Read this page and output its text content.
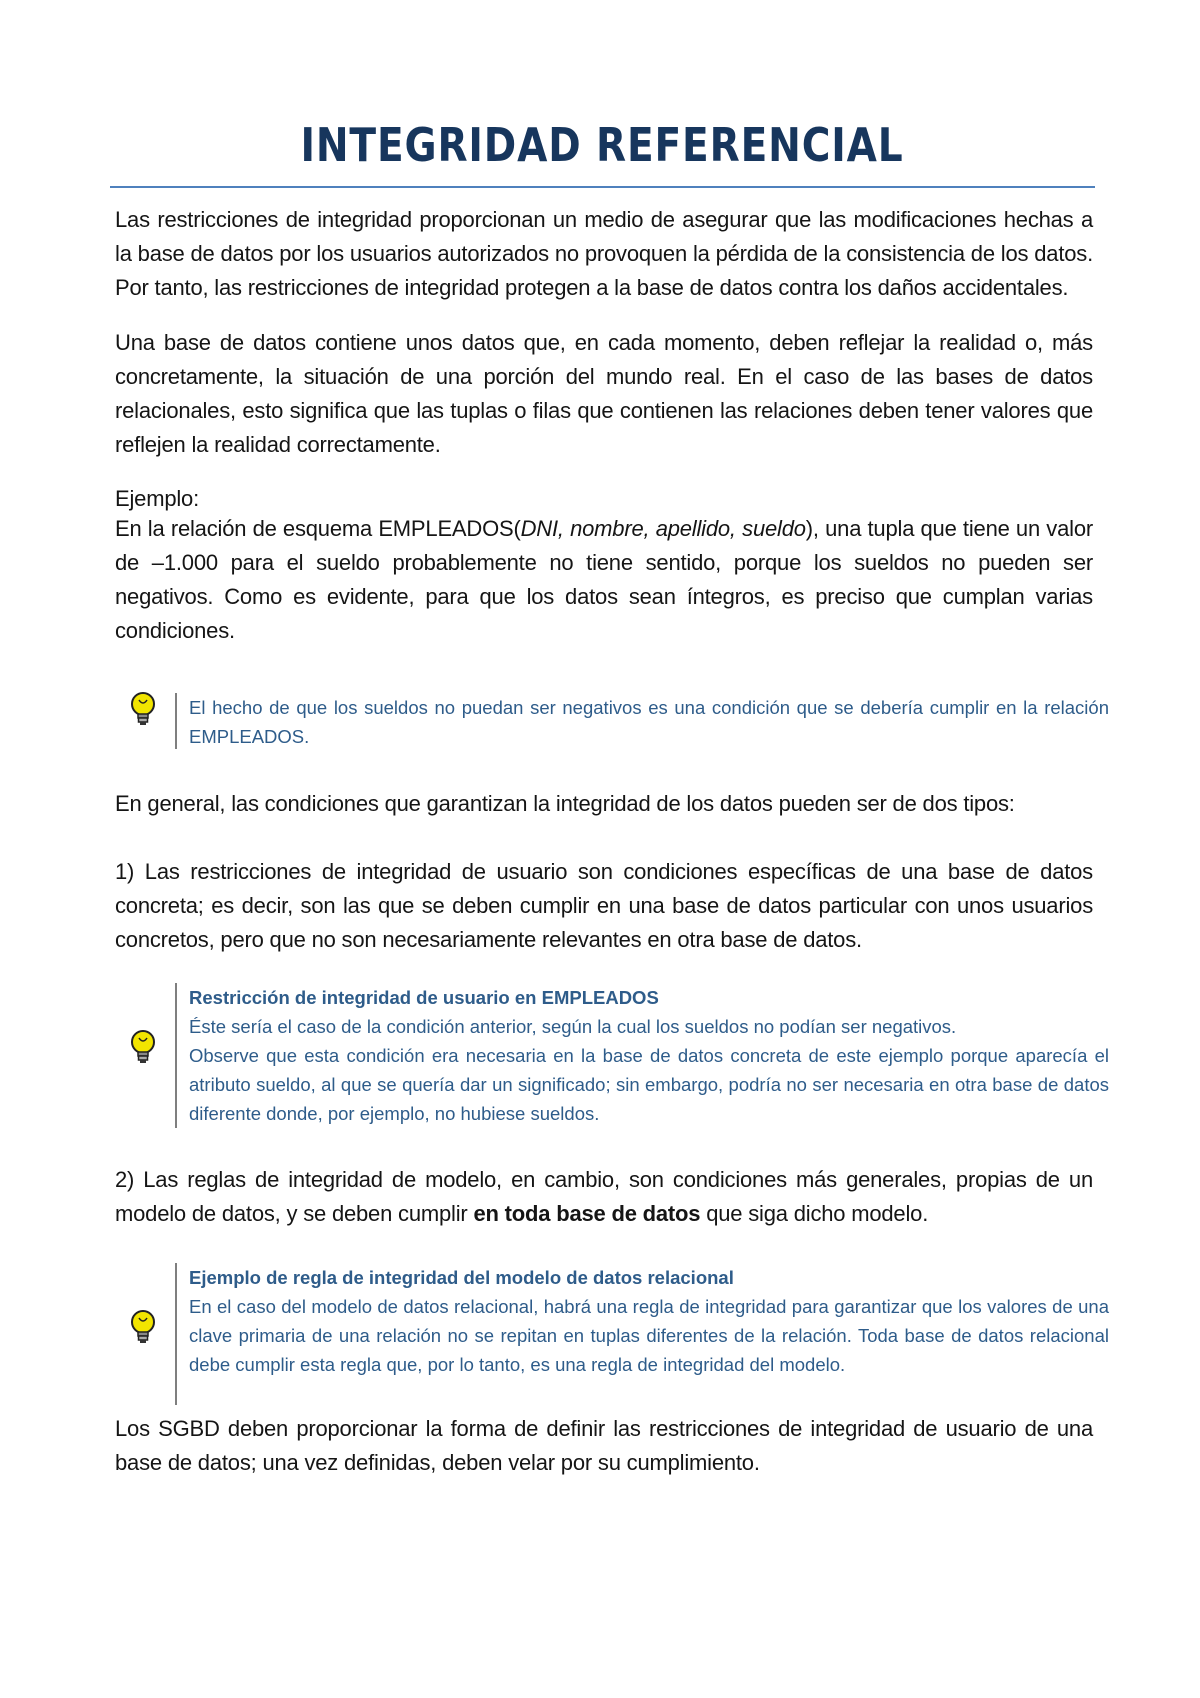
INTEGRIDAD REFERENCIAL

Las restricciones de integridad proporcionan un medio de asegurar que las modificaciones hechas a la base de datos por los usuarios autorizados no provoquen la pérdida de la consistencia de los datos. Por tanto, las restricciones de integridad protegen a la base de datos contra los daños accidentales.

Una base de datos contiene unos datos que, en cada momento, deben reflejar la realidad o, más concretamente, la situación de una porción del mundo real. En el caso de las bases de datos relacionales, esto significa que las tuplas o filas que contienen las relaciones deben tener valores que reflejen la realidad correctamente.

Ejemplo:

En la relación de esquema EMPLEADOS(DNI, nombre, apellido, sueldo), una tupla que tiene un valor de –1.000 para el sueldo probablemente no tiene sentido, porque los sueldos no pueden ser negativos. Como es evidente, para que los datos sean íntegros, es preciso que cumplan varias condiciones.

El hecho de que los sueldos no puedan ser negativos es una condición que se debería cumplir en la relación EMPLEADOS.

En general, las condiciones que garantizan la integridad de los datos pueden ser de dos tipos:

1) Las restricciones de integridad de usuario son condiciones específicas de una base de datos concreta; es decir, son las que se deben cumplir en una base de datos particular con unos usuarios concretos, pero que no son necesariamente relevantes en otra base de datos.

Restricción de integridad de usuario en EMPLEADOS

Éste sería el caso de la condición anterior, según la cual los sueldos no podían ser negativos.

Observe que esta condición era necesaria en la base de datos concreta de este ejemplo porque aparecía el atributo sueldo, al que se quería dar un significado; sin embargo, podría no ser necesaria en otra base de datos diferente donde, por ejemplo, no hubiese sueldos.

2) Las reglas de integridad de modelo, en cambio, son condiciones más generales, propias de un modelo de datos, y se deben cumplir en toda base de datos que siga dicho modelo.

Ejemplo de regla de integridad del modelo de datos relacional

En el caso del modelo de datos relacional, habrá una regla de integridad para garantizar que los valores de una clave primaria de una relación no se repitan en tuplas diferentes de la relación. Toda base de datos relacional debe cumplir esta regla que, por lo tanto, es una regla de integridad del modelo.

Los SGBD deben proporcionar la forma de definir las restricciones de integridad de usuario de una base de datos; una vez definidas, deben velar por su cumplimiento.
